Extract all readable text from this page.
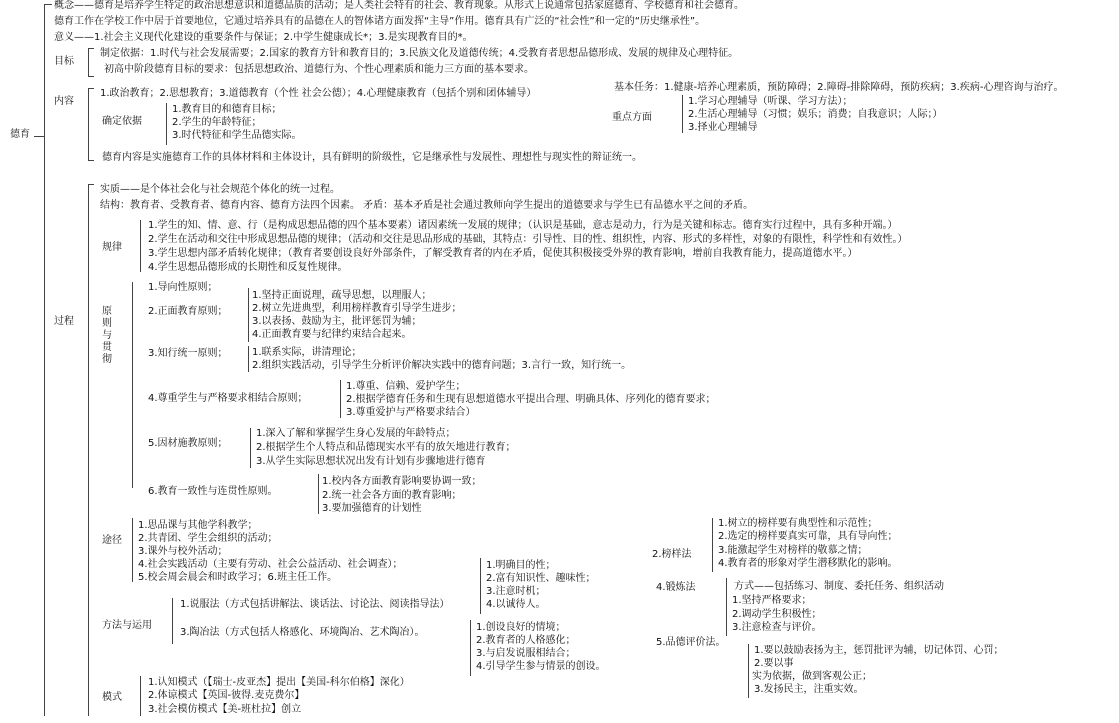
德育
概念——德育是培养学生特定的政治思想意识和道德品质的活动；是人类社会特有的社会、教育现象。从形式上说通常包括家庭德育、学校德育和社会德育。
德育工作在学校工作中居于首要地位，它通过培养具有的品德在人的智体诸方面发挥“主导”作用。德育具有广泛的“社会性”和一定的“历史继承性”。
意义——1.社会主义现代化建设的重要条件与保证；2.中学生健康成长*；3.是实现教育目的*。
目标
制定依据：1.时代与社会发展需要；2.国家的教育方针和教育目的；3.民族文化及道德传统；4.受教育者思想品德形成、发展的规律及心理特征。
初高中阶段德育目标的要求：包括思想政治、道德行为、个性心理素质和能力三方面的基本要求。
内容
1.政治教育；2.思想教育；3.道德教育（个性 社会公德）；4.心理健康教育（包括个别和团体辅导）
基本任务：1.健康-培养心理素质，预防障碍；2.障碍-排除障碍，预防疾病；3.疾病-心理咨询与治疗。
重点方面
1.学习心理辅导（听课、学习方法）；
2.生活心理辅导（习惯；娱乐；消费；自我意识；人际；）
3.择业心理辅导
确定依据
1.教育目的和德育目标；
2.学生的年龄特征；
3.时代特征和学生品德实际。
德育内容是实施德育工作的具体材料和主体设计，具有鲜明的阶级性，它是继承性与发展性、理想性与现实性的辩证统一。
过程
实质——是个体社会化与社会规范个体化的统一过程。
结构：教育者、受教育者、德育内容、德育方法四个因素。 矛盾：基本矛盾是社会通过教师向学生提出的道德要求与学生已有品德水平之间的矛盾。
规律
1.学生的知、情、意、行（是构成思想品德的四个基本要素）诸因素统一发展的规律；（认识是基础，意志是动力，行为是关键和标志。德育实行过程中，具有多种开端。）
2.学生在活动和交往中形成思想品德的规律；（活动和交往是思品形成的基础，其特点：引导性、目的性、组织性，内容、形式的多样性，对象的有限性，科学性和有效性。）
3.学生思想内部矛盾转化规律；（教育者要创设良好外部条件，了解受教育者的内在矛盾，促使其积极接受外界的教育影响，增前自我教育能力，提高道德水平。）
4.学生思想品德形成的长期性和反复性规律。
原
则
与
贯
彻
1.导向性原则；
2.正面教育原则；
1.坚持正面说理，疏导思想，以理服人；
2.树立先进典型，利用榜样教育引导学生进步；
3.以表扬、鼓励为主，批评惩罚为辅；
4.正面教育要与纪律约束结合起来。
3.知行统一原则； 1.联系实际，讲清理论；
2.组织实践活动，引导学生分析评价解决实践中的德育问题；3.言行一致，知行统一。
4.尊重学生与严格要求相结合原则；
1.尊重、信赖、爱护学生；
2.根据学德育任务和生现有思想道德水平提出合理、明确具体、序列化的德育要求；
3.尊重爱护与严格要求结合）
5.因材施教原则；
1.深入了解和掌握学生身心发展的年龄特点；
2.根据学生个人特点和品德现实水平有的放矢地进行教育；
3.从学生实际思想状况出发有计划有步骤地进行德育
6.教育一致性与连贯性原则。
1.校内各方面教育影响要协调一致；
2.统一社会各方面的教育影响；
3.要加强德育的计划性
途径
1.思品课与其他学科教学；
2.共青团、学生会组织的活动；
3.课外与校外活动；
4.社会实践活动（主要有劳动、社会公益活动、社会调查）；
5.校会周会晨会和时政学习；6.班主任工作。
方法与运用
1.说服法（方式包括讲解法、谈话法、讨论法、阅读指导法）
1.明确目的性；
2.富有知识性、趣味性；
3.注意时机；
4.以诚待人。
3.陶冶法（方式包括人格感化、环境陶冶、艺术陶冶）。	1.创设良好的情境；
2.教育者的人格感化；
3.与启发说服相结合；
4.引导学生参与情景的创设。
2.榜样法
1.树立的榜样要有典型性和示范性；
2.选定的榜样要真实可靠，具有导向性；
3.能激起学生对榜样的敬慕之情；
4.教育者的形象对学生潜移默化的影响。
4.锻炼法	方式——包括练习、制度、委托任务、组织活动
1.坚持严格要求；
2.调动学生积极性；
3.注意检查与评价。
5.品德评价法。
1.要以鼓励表扬为主，惩罚批评为辅，切记体罚、心罚；
2.要以事
实为依据，做到客观公正；
3.发扬民主，注重实效。
模式
1.认知模式（【瑞士-皮亚杰】提出【美国-科尔伯格】深化）
2.体谅模式【英国-彼得.麦克费尔】
3.社会模仿模式【美-班杜拉】创立
